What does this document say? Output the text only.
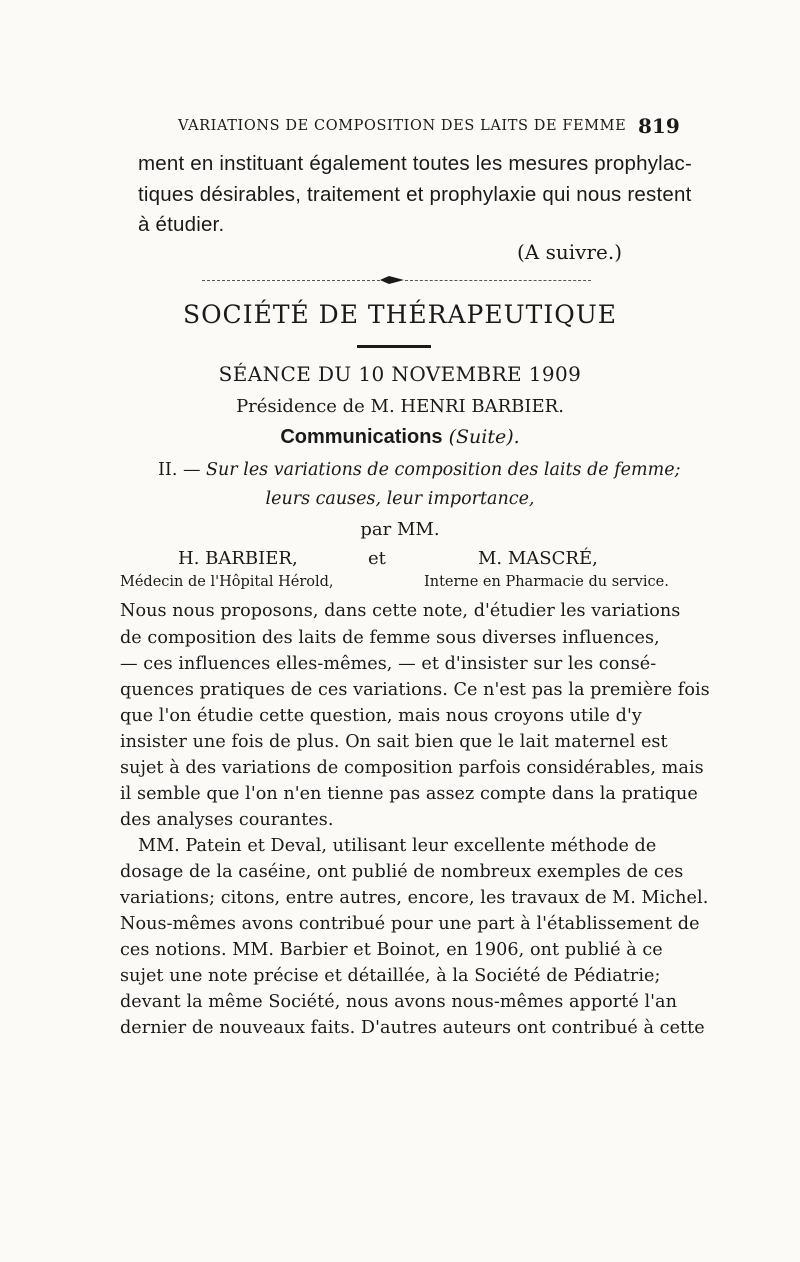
VARIATIONS DE COMPOSITION DES LAITS DE FEMME 819
ment en instituant également toutes les mesures prophylac-
tiques désirables, traitement et prophylaxie qui nous restent
à étudier.
(A suivre.)
SOCIÉTÉ DE THÉRAPEUTIQUE
SÉANCE DU 10 NOVEMBRE 1909
Présidence de M. HENRI BARBIER.
Communications (Suite).
II. — Sur les variations de composition des laits de femme;
leurs causes, leur importance,
par MM.
H. BARBIER,	et	M. MASCRÉ,
Médecin de l'Hôpital Hérold,	Interne en Pharmacie du service.
Nous nous proposons, dans cette note, d'étudier les variations
de composition des laits de femme sous diverses influences,
— ces influences elles-mêmes, — et d'insister sur les consé-
quences pratiques de ces variations. Ce n'est pas la première fois
que l'on étudie cette question, mais nous croyons utile d'y
insister une fois de plus. On sait bien que le lait maternel est
sujet à des variations de composition parfois considérables, mais
il semble que l'on n'en tienne pas assez compte dans la pratique
des analyses courantes.
MM. Patein et Deval, utilisant leur excellente méthode de
dosage de la caséine, ont publié de nombreux exemples de ces
variations; citons, entre autres, encore, les travaux de M. Michel.
Nous-mêmes avons contribué pour une part à l'établissement de
ces notions. MM. Barbier et Boinot, en 1906, ont publié à ce
sujet une note précise et détaillée, à la Société de Pédiatrie;
devant la même Société, nous avons nous-mêmes apporté l'an
dernier de nouveaux faits. D'autres auteurs ont contribué à cette
